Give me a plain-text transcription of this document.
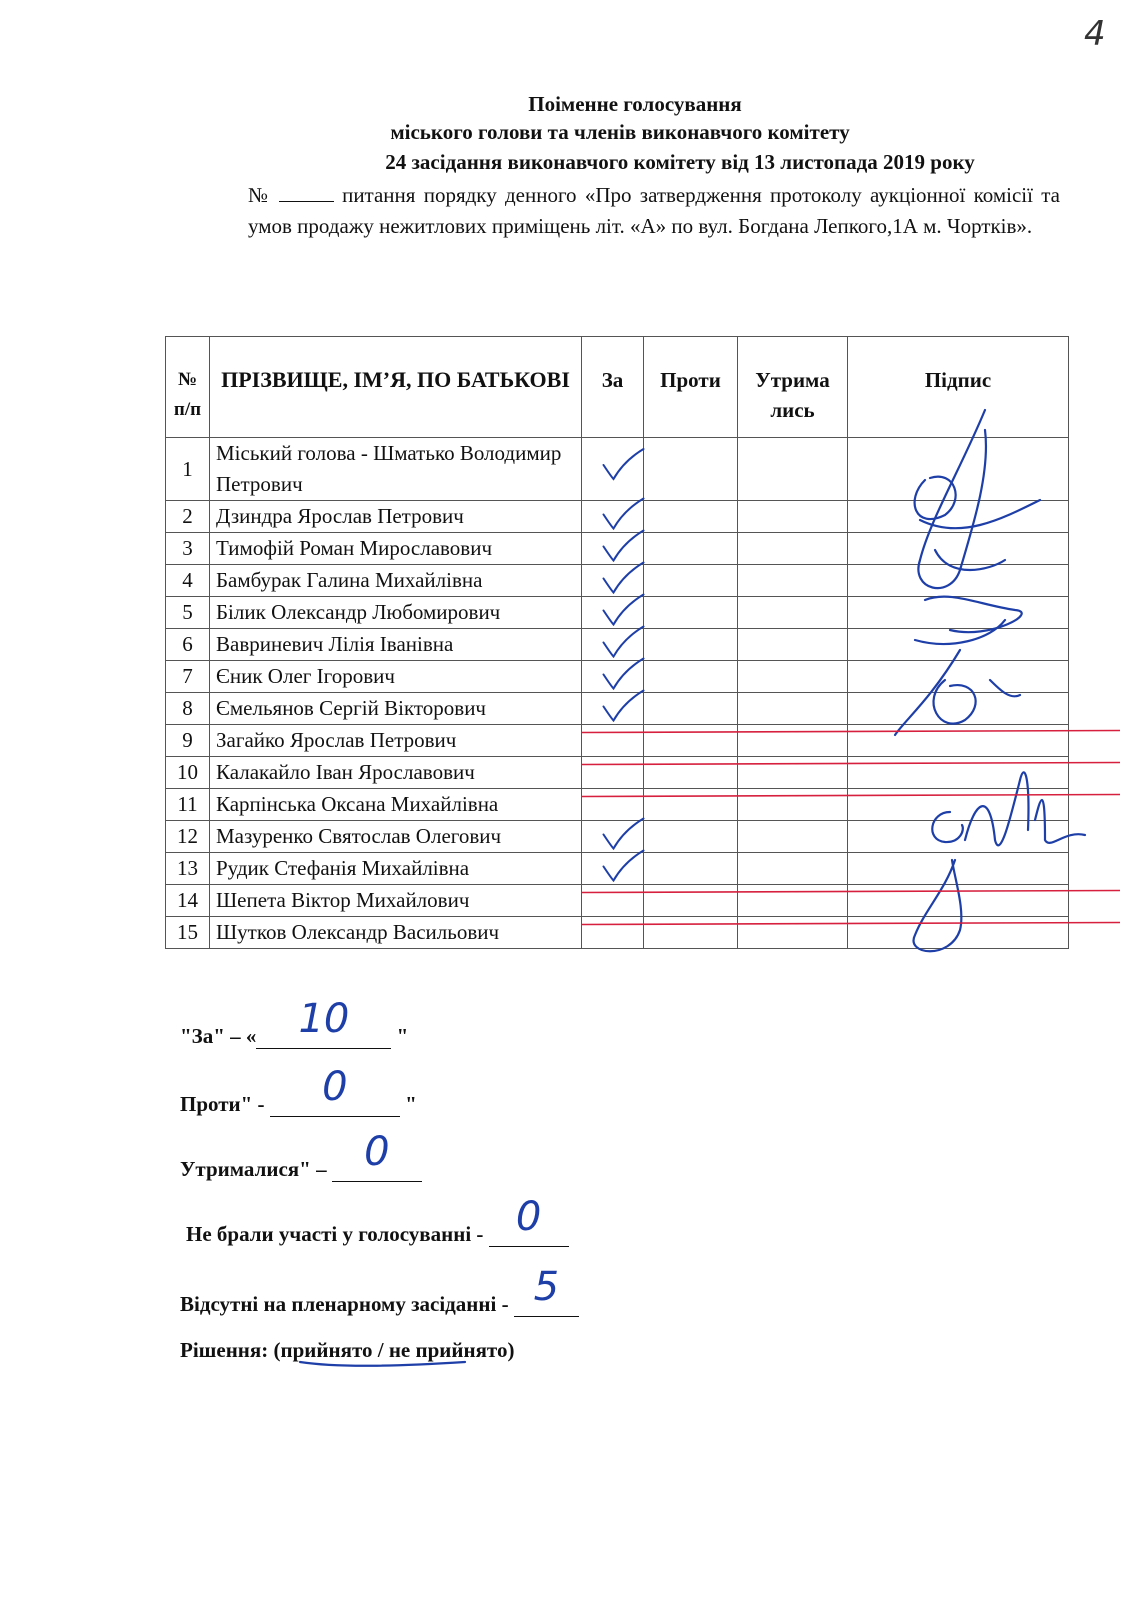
4
Поіменне голосування
міського голови та членів виконавчого комітету
24 засідання виконавчого комітету від 13 листопада 2019 року
№	питання порядку денного «Про затвердження протоколу аукціонної комісії та умов продажу нежитлових приміщень літ. «А» по вул. Богдана Лепкого,1А м. Чортків».
№ п/п	ПРІЗВИЩЕ, ІМ’Я, ПО БАТЬКОВІ	За	Проти	Утрима лись	Підпис
1	Міський голова - Шматько Володимир Петрович				
2	Дзиндра Ярослав Петрович				
3	Тимофій Роман Мирославович				
4	Бамбурак Галина Михайлівна				
5	Білик Олександр Любомирович				
6	Вавриневич Лілія Іванівна				
7	Єник Олег Ігорович				
8	Ємельянов Сергій Вікторович				
9	Загайко Ярослав Петрович				
10	Калакайло Іван Ярославович				
11	Карпінська Оксана Михайлівна				
12	Мазуренко Святослав Олегович				
13	Рудик Стефанія Михайлівна				
14	Шепета Віктор Михайлович				
15	Шутков Олександр Васильович				
"За" – «	10	"
Проти" -	0	"
Утрималися" – 0
Не брали участі у голосуванні - 0
Відсутні на пленарному засіданні - 5
Рішення: (прийнято / не прийнято)
